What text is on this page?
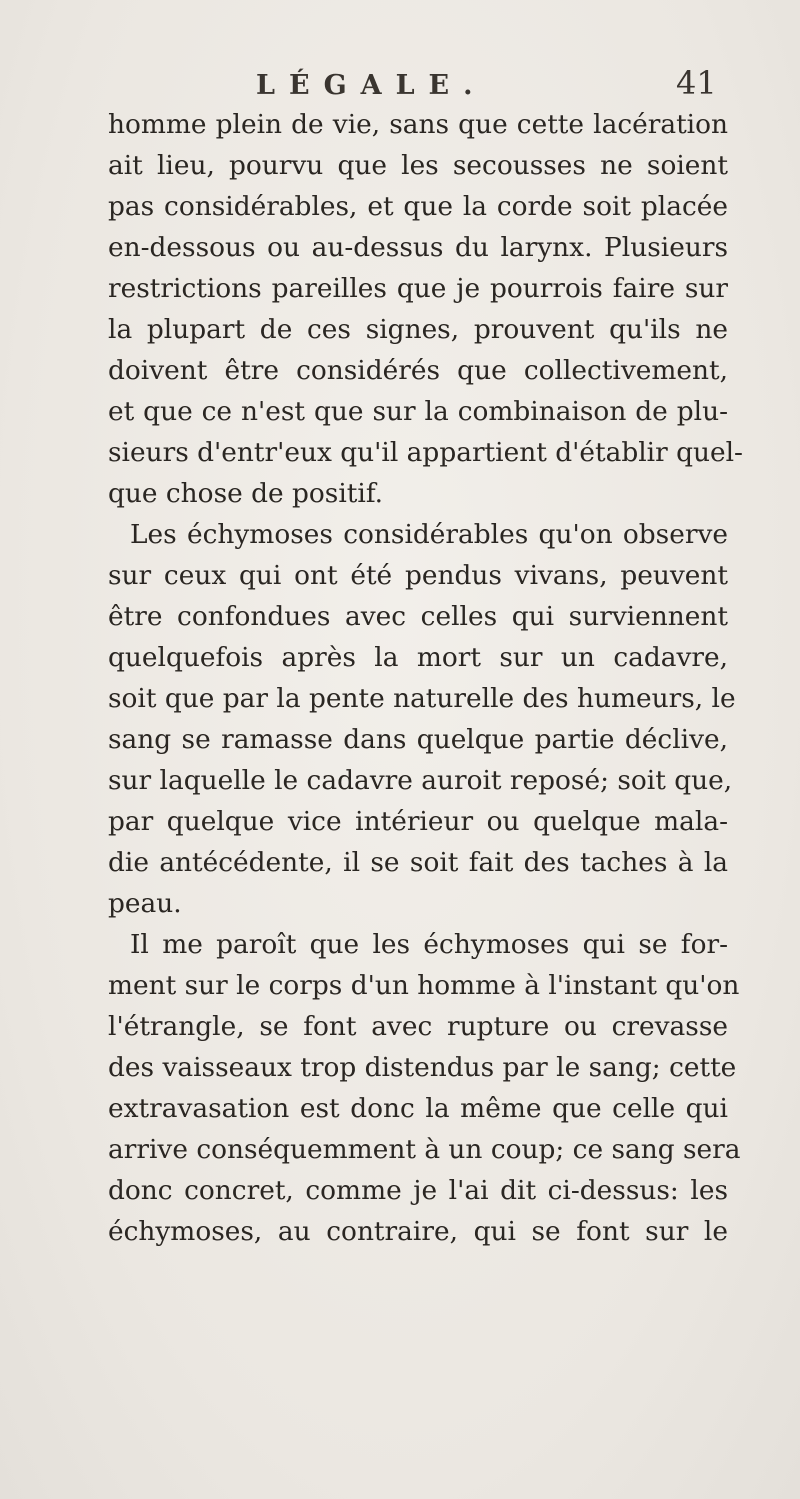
LÉGALE.	41
homme plein de vie, sans que cette lacération
ait lieu, pourvu que les secousses ne soient
pas considérables, et que la corde soit placée
en-dessous ou au-dessus du larynx. Plusieurs
restrictions pareilles que je pourrois faire sur
la plupart de ces signes, prouvent qu'ils ne
doivent être considérés que collectivement,
et que ce n'est que sur la combinaison de plu-
sieurs d'entr'eux qu'il appartient d'établir quel-
que chose de positif.
Les échymoses considérables qu'on observe
sur ceux qui ont été pendus vivans, peuvent
être confondues avec celles qui surviennent
quelquefois après la mort sur un cadavre,
soit que par la pente naturelle des humeurs, le
sang se ramasse dans quelque partie déclive,
sur laquelle le cadavre auroit reposé; soit que,
par quelque vice intérieur ou quelque mala-
die antécédente, il se soit fait des taches à la
peau.
Il me paroît que les échymoses qui se for-
ment sur le corps d'un homme à l'instant qu'on
l'étrangle, se font avec rupture ou crevasse
des vaisseaux trop distendus par le sang; cette
extravasation est donc la même que celle qui
arrive conséquemment à un coup; ce sang sera
donc concret, comme je l'ai dit ci-dessus: les
échymoses, au contraire, qui se font sur le
